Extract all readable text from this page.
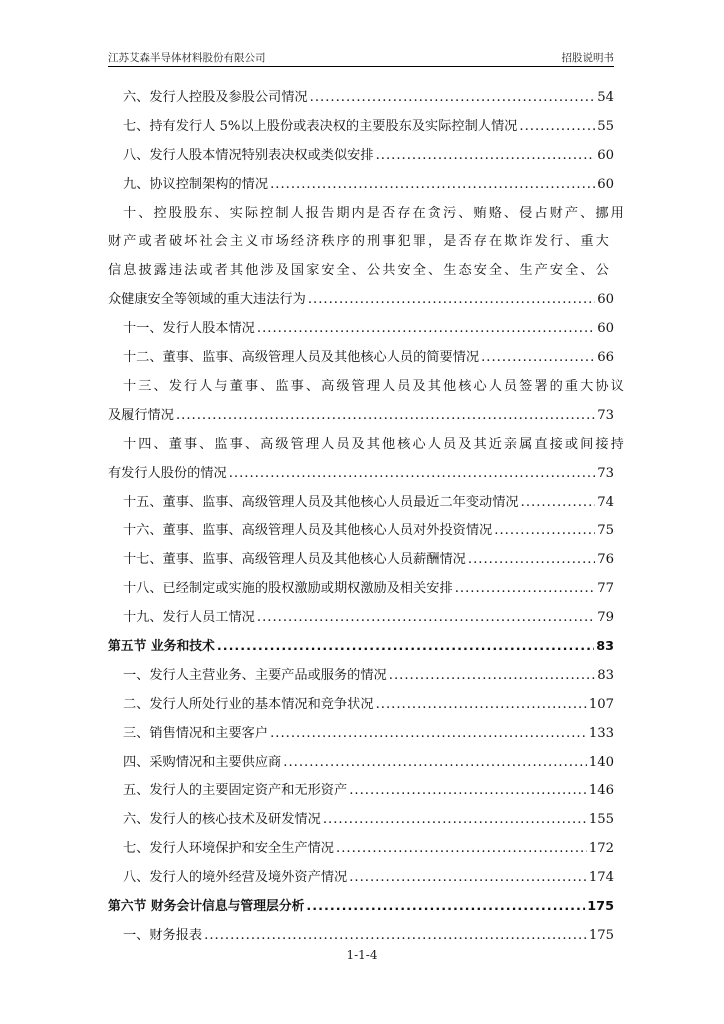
江苏艾森半导体材料股份有限公司	招股说明书
六、发行人控股及参股公司情况 .....	54
七、持有发行人 5%以上股份或表决权的主要股东及实际控制人情况 .....	55
八、发行人股本情况特别表决权或类似安排 .....	60
九、协议控制架构的情况 .....	60
十、控股股东、实际控制人报告期内是否存在贪污、贿赂、侵占财产、挪用
财产或者破坏社会主义市场经济秩序的刑事犯罪，是否存在欺诈发行、重大
信息披露违法或者其他涉及国家安全、公共安全、生态安全、生产安全、公
众健康安全等领域的重大违法行为 .....	60
十一、发行人股本情况 .....	60
十二、董事、监事、高级管理人员及其他核心人员的简要情况 .....	66
十三、发行人与董事、监事、高级管理人员及其他核心人员签署的重大协议
及履行情况 .....	73
十四、董事、监事、高级管理人员及其他核心人员及其近亲属直接或间接持
有发行人股份的情况 .....	73
十五、董事、监事、高级管理人员及其他核心人员最近二年变动情况 .....	74
十六、董事、监事、高级管理人员及其他核心人员对外投资情况 .....	75
十七、董事、监事、高级管理人员及其他核心人员薪酬情况 .....	76
十八、已经制定或实施的股权激励或期权激励及相关安排 .....	77
十九、发行人员工情况 .....	79
第五节 业务和技术 .....	83
一、发行人主营业务、主要产品或服务的情况 .....	83
二、发行人所处行业的基本情况和竞争状况 .....	107
三、销售情况和主要客户 .....	133
四、采购情况和主要供应商 .....	140
五、发行人的主要固定资产和无形资产 .....	146
六、发行人的核心技术及研发情况 .....	155
七、发行人环境保护和安全生产情况 .....	172
八、发行人的境外经营及境外资产情况 .....	174
第六节 财务会计信息与管理层分析 .....	175
一、财务报表 .....	175
1-1-4
